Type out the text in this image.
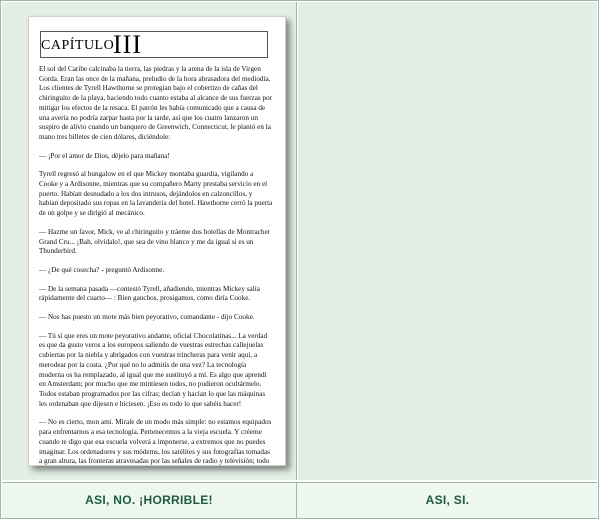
CAPÍTULO
III

El sol del Caribe calcinaba la tierra, las piedras y la arena de la isla de Virgen Gorda. Eran las once de la mañana, preludio de la hora abrasadora del mediodía. Los clientes de Tyrell Hawthorne se protegían bajo el cobertizo de cañas del chiringuito de la playa, haciendo todo cuanto estaba al alcance de sus fuerzas por mitigar los efectos de la resaca. El patrón les había comunicado que a causa de una avería no podría zarpar hasta por la tarde, así que los cuatro lanzaron un suspiro de alivio cuando un banquero de Greenwich, Connecticut, le plantó en la mano tres billetes de cien dólares, diciéndole:

— ¡Por el amor de Dios, déjelo para mañana!

Tyrell regresó al bungalow en el que Mickey montaba guardia, vigilando a Cooke y a Ardisonne, mientras que su compañero Marty prestaba servicio en el puerto. Habían desnudado a los dos intrusos, dejándolos en calzoncillos, y habían depositado sus ropas en la lavandería del hotel. Hawthorne cerró la puerta de un golpe y se dirigió al mecánico.

— Hazme un favor, Mick, ve al chiringuito y tráeme dos botellas de Montrachet Grand Cru... ¡Bah, olvídalo!, que sea de vino blanco y me da igual si es un Thunderbird.

— ¿De qué cosecha? - preguntó Ardisonne.

— De la semana pasada —contestó Tyrell, añadiendo, mientras Mickey salía rápidamente del cuarto— : Bien gauchos, prosigamos, como diría Cooke.

— Nos has puesto un mote más bien peyorativo, comandante - dijo Cooke.

— Tú sí que eres un mote peyorativo andante, oficial Chocolatinas... La verdad es que da gusto veros a los europeos saliendo de vuestras estrechas callejuelas cubiertas por la niebla y abrigados con vuestras trincheras para venir aquí, a merodear por la costa. ¿Por qué no lo admitís de una vez? La tecnología moderna os ha remplazado, al igual que me sustituyó a mí. Es algo que aprendí en Amsterdam; por mucho que me mintiesen todos, no pudieron ocultármelo. Todos estaban programados por las cifras; decían y hacían lo que las máquinas les ordenaban que dijesen e hiciesen. ¡Eso es todo lo que sabéis hacer!

— No es cierto, mon ami. Mírale de un modo más simple: no estamos equipados para enfrentarnos a esa tecnología. Pertenecemos a la vieja escuela. Y créeme cuando te digo que esa escuela volverá a imponerse, a extremos que no puedes imaginar. Los ordenadores y sus módems, los satélites y sus fotografías tomadas a gran altura, las fronteras atravesadas por las señales de radio y televisión; todo

ASI, NO. ¡HORRIBLE!	ASI, SI.
